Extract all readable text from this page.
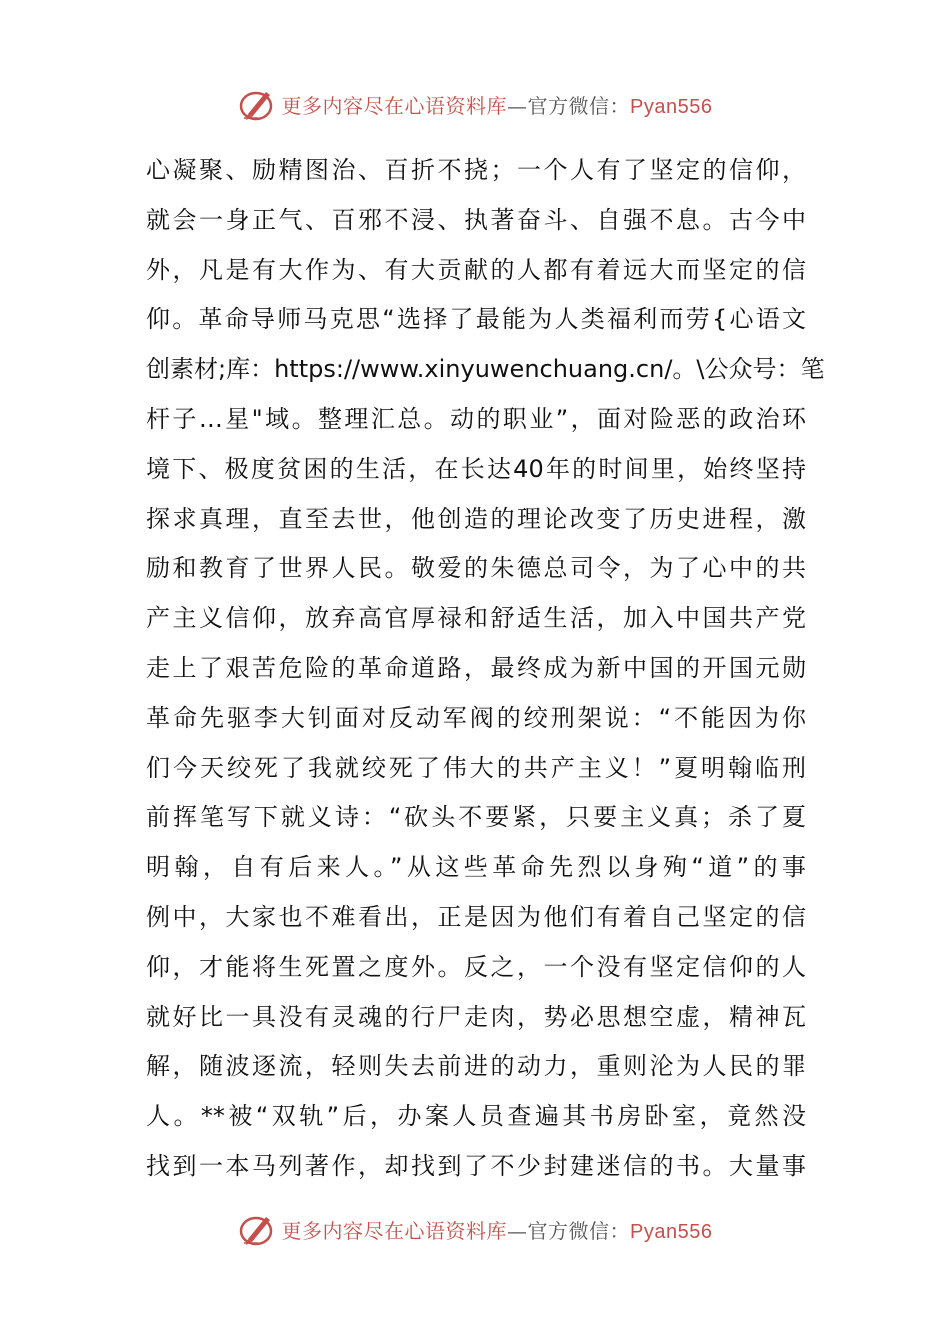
更多内容尽在心语资料库—官方微信：Pyan556
心凝聚、励精图治、百折不挠；一个人有了坚定的信仰，
就会一身正气、百邪不浸、执著奋斗、自强不息。古今中
外，凡是有大作为、有大贡献的人都有着远大而坚定的信
仰。革命导师马克思“选择了最能为人类福利而劳{心语文
创素材;库：https://www.xinyuwenchuang.cn/。\公众号：笔
杆子…星"域。整理汇总。动的职业”，面对险恶的政治环
境下、极度贫困的生活，在长达40年的时间里，始终坚持
探求真理，直至去世，他创造的理论改变了历史进程，激
励和教育了世界人民。敬爱的朱德总司令，为了心中的共
产主义信仰，放弃高官厚禄和舒适生活，加入中国共产党
走上了艰苦危险的革命道路，最终成为新中国的开国元勋
革命先驱李大钊面对反动军阀的绞刑架说：“不能因为你
们今天绞死了我就绞死了伟大的共产主义！”夏明翰临刑
前挥笔写下就义诗：“砍头不要紧，只要主义真；杀了夏
明翰，自有后来人。”从这些革命先烈以身殉“道”的事
例中，大家也不难看出，正是因为他们有着自己坚定的信
仰，才能将生死置之度外。反之，一个没有坚定信仰的人
就好比一具没有灵魂的行尸走肉，势必思想空虚，精神瓦
解，随波逐流，轻则失去前进的动力，重则沦为人民的罪
人。**被“双轨”后，办案人员查遍其书房卧室，竟然没
找到一本马列著作，却找到了不少封建迷信的书。大量事
更多内容尽在心语资料库—官方微信：Pyan556
